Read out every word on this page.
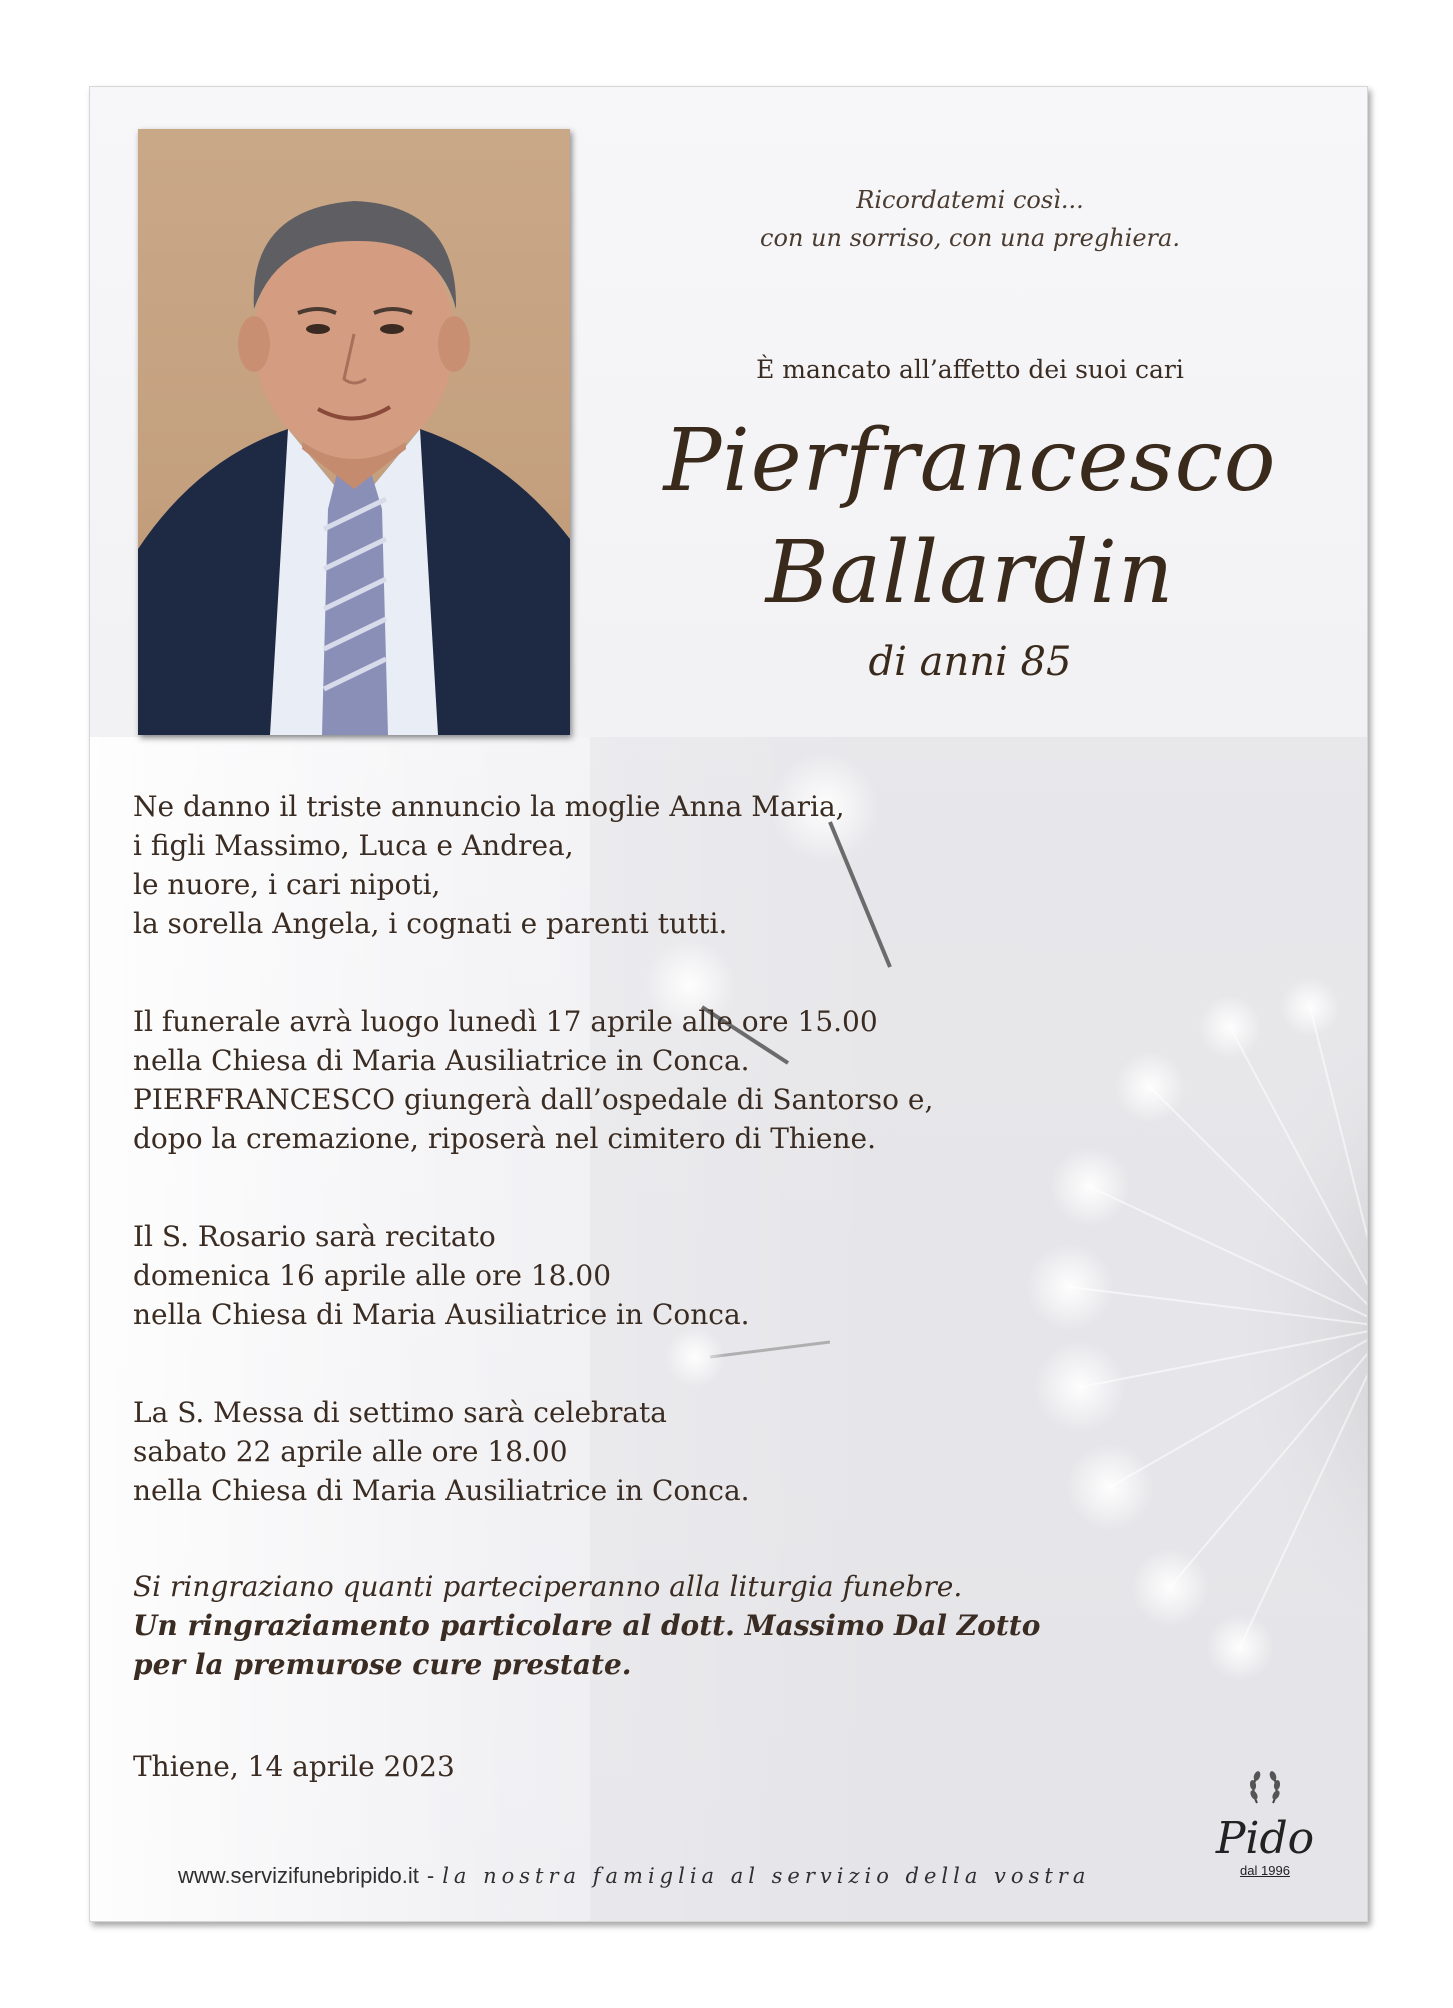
Ricordatemi così...
con un sorriso, con una preghiera.
È mancato all’affetto dei suoi cari
Pierfrancesco
Ballardin
di anni 85
Ne danno il triste annuncio la moglie Anna Maria,
i figli Massimo, Luca e Andrea,
le nuore, i cari nipoti,
la sorella Angela, i cognati e parenti tutti.
Il funerale avrà luogo lunedì 17 aprile alle ore 15.00
nella Chiesa di Maria Ausiliatrice in Conca.
PIERFRANCESCO giungerà dall’ospedale di Santorso e,
dopo la cremazione, riposerà nel cimitero di Thiene.
Il S. Rosario sarà recitato
domenica 16 aprile alle ore 18.00
nella Chiesa di Maria Ausiliatrice in Conca.
La S. Messa di settimo sarà celebrata
sabato 22 aprile alle ore 18.00
nella Chiesa di Maria Ausiliatrice in Conca.
Si ringraziano quanti parteciperanno alla liturgia funebre.
Un ringraziamento particolare al dott. Massimo Dal Zotto
per la premurose cure prestate.
Thiene, 14 aprile 2023
Pido
dal 1996
www.servizifunebripido.it - la nostra famiglia al servizio della vostra
